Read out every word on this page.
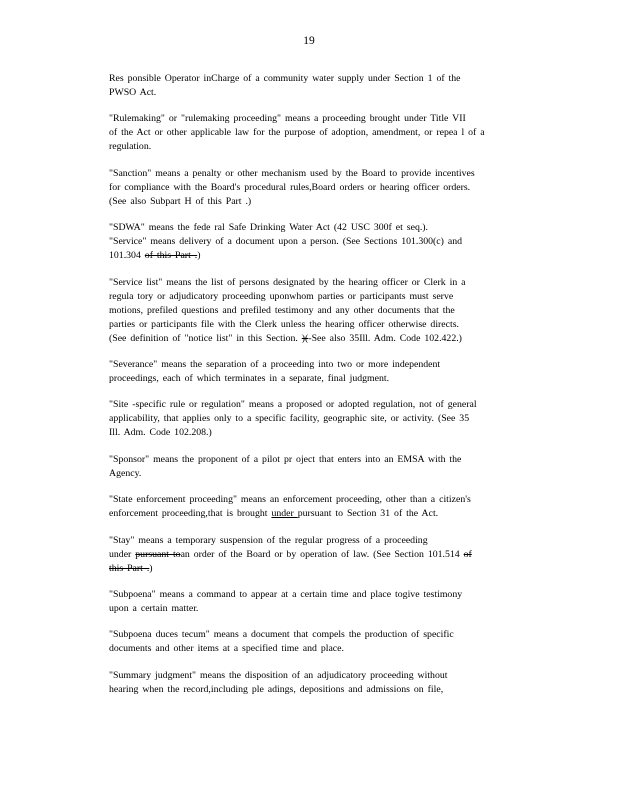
19
Res ponsible Operator inCharge of a community water supply under Section 1 of the
PWSO Act.
"Rulemaking" or "rulemaking proceeding" means a proceeding brought under Title VII
of the Act or other applicable law for the purpose of adoption, amendment, or repea l of a
regulation.
"Sanction" means a penalty or other mechanism used by the Board to provide incentives
for compliance with the Board's procedural rules,Board orders or hearing officer orders.
(See also Subpart H of this Part .)
"SDWA" means the fede ral Safe Drinking Water Act (42 USC 300f et seq.).
"Service" means delivery of a document upon a person. (See Sections 101.300(c) and
101.304 of this Part .)
"Service list" means the list of persons designated by the hearing officer or Clerk in a
regula tory or adjudicatory proceeding uponwhom parties or participants must serve
motions, prefiled questions and prefiled testimony and any other documents that the
parties or participants file with the Clerk unless the hearing officer otherwise directs.
(See definition of "notice list" in this Section. )(-See also 35Ill. Adm. Code 102.422.)
"Severance" means the separation of a proceeding into two or more independent
proceedings, each of which terminates in a separate, final judgment.
"Site -specific rule or regulation" means a proposed or adopted regulation, not of general
applicability, that applies only to a specific facility, geographic site, or activity. (See 35
Ill. Adm. Code 102.208.)
"Sponsor" means the proponent of a pilot pr oject that enters into an EMSA with the
Agency.
"State enforcement proceeding" means an enforcement proceeding, other than a citizen's
enforcement proceeding,that is brought under pursuant to Section 31 of the Act.
"Stay" means a temporary suspension of the regular progress of a proceeding
under pursuant toan order of the Board or by operation of law. (See Section 101.514 of
this Part .)
"Subpoena" means a command to appear at a certain time and place togive testimony
upon a certain matter.
"Subpoena duces tecum" means a document that compels the production of specific
documents and other items at a specified time and place.
"Summary judgment" means the disposition of an adjudicatory proceeding without
hearing when the record,including ple adings, depositions and admissions on file,
